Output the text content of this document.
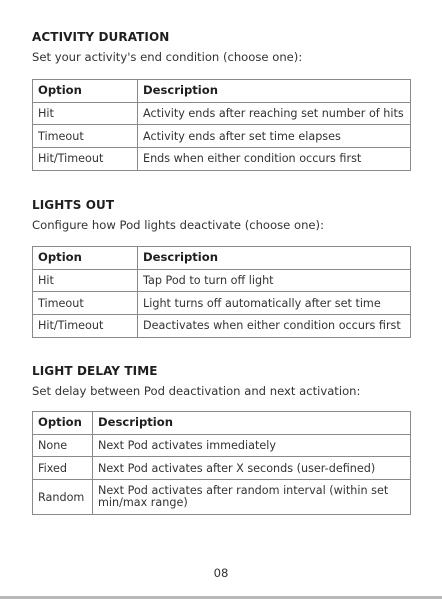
ACTIVITY DURATION
Set your activity's end condition (choose one):
Option	Description
Hit	Activity ends after reaching set number of hits
Timeout	Activity ends after set time elapses
Hit/Timeout	Ends when either condition occurs first
LIGHTS OUT
Configure how Pod lights deactivate (choose one):
Option	Description
Hit	Tap Pod to turn off light
Timeout	Light turns off automatically after set time
Hit/Timeout	Deactivates when either condition occurs first
LIGHT DELAY TIME
Set delay between Pod deactivation and next activation:
Option	Description
None	Next Pod activates immediately
Fixed	Next Pod activates after X seconds (user-defined)
Random	Next Pod activates after random interval (within set min/max range)
08
